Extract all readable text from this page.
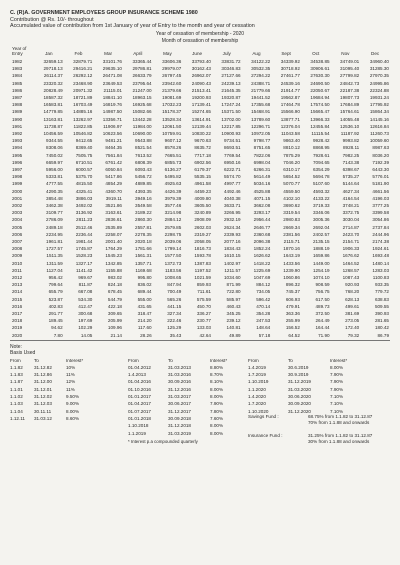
C. (R)A. GOVERNMENT EMPLOYEES GROUP INSURANCE SCHEME 1980
Contribution @ Rs. 10/- throughout
Accumulated value of contribution from 1st January of year of Entry to the month and year of cessation
Year of cessation of membership - 2020
Month of cessation of membership
Year of
Entry	Jan	Feb	Mar	April	May	June	July	Aug	Sept	Oct	Nov	Dec
1982	32659.13	32879.71	33101.76	33365.44	33606.36	33793.40	33831.72	34122.22	34339.92	34538.85	34749.01	34960.40
1983	29718.13	29416.21	29635.10	29786.81	29979.07	30162.43	30346.83	30532.35	30718.92	30906.61	31095.40	31285.30
1984	26114.37	26292.12	26471.08	26633.79	26797.45	26962.07	27127.66	27294.22	27461.77	27630.30	27799.82	27970.35
1985	23320.32	23468.90	23649.53	23795.64	23942.60	24090.43	24239.13	24388.71	24539.16	24690.50	24842.73	24995.86
1986	20828.49	20971.32	21115.01	21247.00	21379.66	21513.41	21645.35	21779.66	21914.77	22050.67	22187.38	22324.88
1987	18587.32	18721.89	18841.10	18963.15	19081.69	19200.93	19320.87	19441.52	19562.87	19684.94	19807.73	19931.24
1988	16583.81	16703.49	16819.76	16925.68	17032.23	17139.41	17247.24	17355.68	17464.78	17574.50	17684.89	17795.92
1989	14779.85	14885.16	14987.50	15082.66	15178.37	15274.65	15371.50	15468.91	15566.90	15665.47	15764.61	15864.34
1990	13163.81	13262.97	13356.71	13442.28	13528.34	13614.91	13702.00	13789.60	13877.71	13966.33	14055.48	14145.16
1991	11738.87	11822.85	11906.97	11984.00	12061.50	12139.44	12217.85	12296.71	12376.04	12455.84	12536.10	12616.84
1992	10456.59	10546.82	10623.56	10690.00	10759.91	10830.22	10900.93	10972.05	11043.58	11115.54	11187.92	11260.73
1993	9344.55	9412.65	9481.21	9543.88	9607.12	9670.63	9734.51	9798.77	9863.40	9928.42	9993.82	10059.60
1994	8308.06	8369.40	8464.35	8521.54	8578.26	8635.72	8693.51	8751.65	8810.12	8868.95	8928.11	8987.63
1995	7450.02	7505.75	7561.84	7613.52	7665.51	7717.18	7769.54	7822.06	7875.29	7928.61	7982.25	8036.20
1996	6659.97	6710.51	6761.42	6808.39	6855.73	6902.56	6950.16	6998.04	7046.20	7094.65	7143.38	7192.39
1997	5956.00	6000.57	6050.84	6093.43	6136.27	6179.37	6222.71	6266.31	6310.17	6354.29	6398.67	6443.30
1998	5333.81	5375.70	5417.86	5456.72	5495.82	5535.15	5574.70	5614.49	5654.52	5694.78	5735.27	5776.01
1999	4777.55	4815.50	4854.29	4889.85	4925.63	4961.58	4997.77	5034.16	5070.77	5107.60	5144.64	5181.90
2000	4290.35	4325.41	4360.70	4393.35	4426.39	4459.23	4492.46	4525.88	4559.50	4593.32	4627.34	4661.56
2001	3854.48	3886.03	3919.11	3949.16	3979.39	4009.80	4040.38	4071.15	4102.10	4133.22	4164.54	4196.03
2002	3462.38	3492.02	3521.86	3549.58	3577.46	3605.50	3633.71	3662.08	3690.62	3719.33	3748.21	3777.25
2003	3109.77	3136.92	3163.61	3189.22	3214.98	3240.89	3266.95	3293.17	3319.54	3346.06	3372.75	3399.58
2004	2786.09	2811.23	2836.61	2860.30	2884.12	2908.09	2932.19	2956.44	2980.83	3005.36	3030.04	3054.86
2005	2489.18	2512.46	2535.89	2557.81	2579.85	2602.03	2624.34	2646.77	2669.34	2692.04	2714.87	2737.84
2006	2234.95	2236.44	2258.07	2278.35	2298.75	2319.27	2339.93	2360.68	2381.56	2402.57	2423.70	2444.96
2007	1961.81	1981.44	2001.40	2020.18	2039.06	2058.05	2077.16	2096.38	2115.71	2135.15	2154.71	2174.38
2008	1727.57	1745.87	1764.29	1781.66	1799.14	1816.73	1834.43	1852.24	1870.16	1888.19	1906.33	1924.61
2009	1511.35	1528.23	1545.23	1561.31	1577.50	1593.78	1610.15	1626.62	1643.19	1659.86	1676.62	1693.48
2010	1311.59	1327.17	1342.85	1357.71	1372.73	1387.83	1402.97	1418.22	1433.56	1449.00	1464.52	1480.14
2011	1127.04	1141.42	1155.88	1169.68	1183.56	1197.52	1211.57	1225.69	1239.90	1254.19	1268.57	1283.03
2012	956.42	969.67	983.02	995.80	1008.65	1021.59	1034.60	1047.69	1060.86	1074.10	1087.43	1100.83
2013	799.64	811.87	824.18	836.02	847.94	859.93	871.99	884.12	896.32	908.59	920.93	933.35
2014	655.79	667.08	678.45	689.44	700.49	711.61	722.80	734.05	745.37	756.75	768.20	779.72
2015	523.87	534.30	544.79	555.00	565.26	575.59	585.97	596.42	606.93	617.50	628.13	638.83
2016	402.83	412.47	422.18	431.65	441.15	450.70	460.43	470.14	479.91	489.73	499.61	509.55
2017	291.77	300.68	309.65	318.47	327.34	336.27	345.25	354.28	363.36	372.50	381.69	390.93
2018	189.45	197.69	205.99	214.20	222.46	230.77	239.12	247.53	255.99	264.49	273.05	281.65
2019	94.62	102.29	109.96	117.60	125.29	133.03	140.81	148.64	156.52	164.44	172.40	180.42
2020	7.80	14.05	21.14	28.26	35.43	42.64	49.89	57.18	64.52	71.90	79.32	86.79
Note:
Basis Used
From	To	Interest*
1.1.82	31.12.82	10%
1.1.83	31.12.86	11%
1.1.87	31.12.00	12%
1.1.01	31.12.01	11%
1.1.02	31.12.02	9.50%
1.1.03	31.12.03	9.00%
1.1.04	30.11.11	8.00%
1.12.11	31.03.12	8.60%
From	To	Interest*
01.04.2012	31.03.2013	8.80%
1.4.2013	31.03.2016	8.70%
01.04.2016	30.09.2016	8.10%
01.10.2016	31.12.2016	8.00%
01.01.2017	31.03.2017	8.00%
01.04.2017	30.06.2017	7.90%
01.07.2017	31.12.2017	7.80%
01.01.2018	30.09.2018	7.60%
1.10.2018	31.12.2018	8.00%
1.1.2019	31.03.2019	8.00%
From	To	Interest*
1.4.2019	30.6.2019	8.00%
1.7.2019	30.9.2019	7.90%
1.10.2019	31.12.2019	7.90%
1.1.2020	31.03.2020	7.90%
1.4.2020	30.06.2020	7.10%
1.7.2020	30.09.2020	7.10%
1.10.2020	31.12.2020	7.10%
* Interest p.a compounded quarterly
Savings Fund :	68.75% from 1.1.82 to 31.12.87
70% from 1.1.88 and onwards
Insurance Fund :	31.25% from 1.1.82 to 31.12.87
30% from 1.1.88 and onwards
